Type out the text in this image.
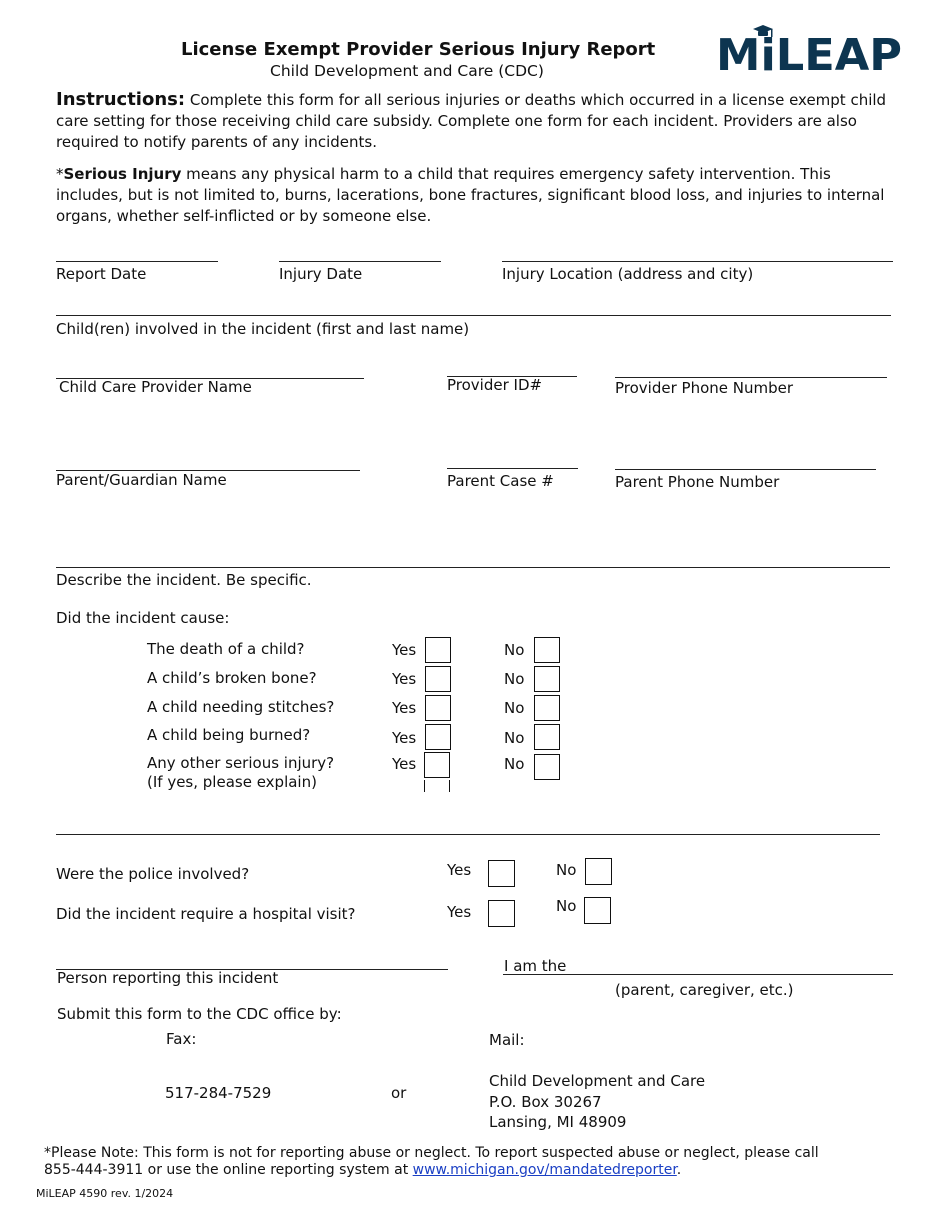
License Exempt Provider Serious Injury Report
Child Development and Care (CDC)	MiLEAP
Instructions: Complete this form for all serious injuries or deaths which occurred in a license exempt child care setting for those receiving child care subsidy. Complete one form for each incident. Providers are also required to notify parents of any incidents.
*Serious Injury means any physical harm to a child that requires emergency safety intervention. This includes, but is not limited to, burns, lacerations, bone fractures, significant blood loss, and injuries to internal organs, whether self-inflicted or by someone else.
Report Date	Injury Date	Injury Location (address and city)
Child(ren) involved in the incident (first and last name)
Child Care Provider Name	Provider ID#	Provider Phone Number
Parent/Guardian Name	Parent Case #	Parent Phone Number
Describe the incident. Be specific.
Did the incident cause:
The death of a child?	Yes	No
A child’s broken bone?	Yes	No
A child needing stitches?	Yes	No
A child being burned?	Yes	No
Any other serious injury?
(If yes, please explain)
Yes	No
Were the police involved?	Yes	No
Did the incident require a hospital visit?	Yes	No
Person reporting this incident
I am the
(parent, caregiver, etc.)
Submit this form to the CDC office by:
Fax:
517-284-7529	or
Mail:
Child Development and Care
P.O. Box 30267
Lansing, MI 48909
*Please Note: This form is not for reporting abuse or neglect. To report suspected abuse or neglect, please call
855-444-3911 or use the online reporting system at www.michigan.gov/mandatedreporter.
MiLEAP 4590 rev. 1/2024
